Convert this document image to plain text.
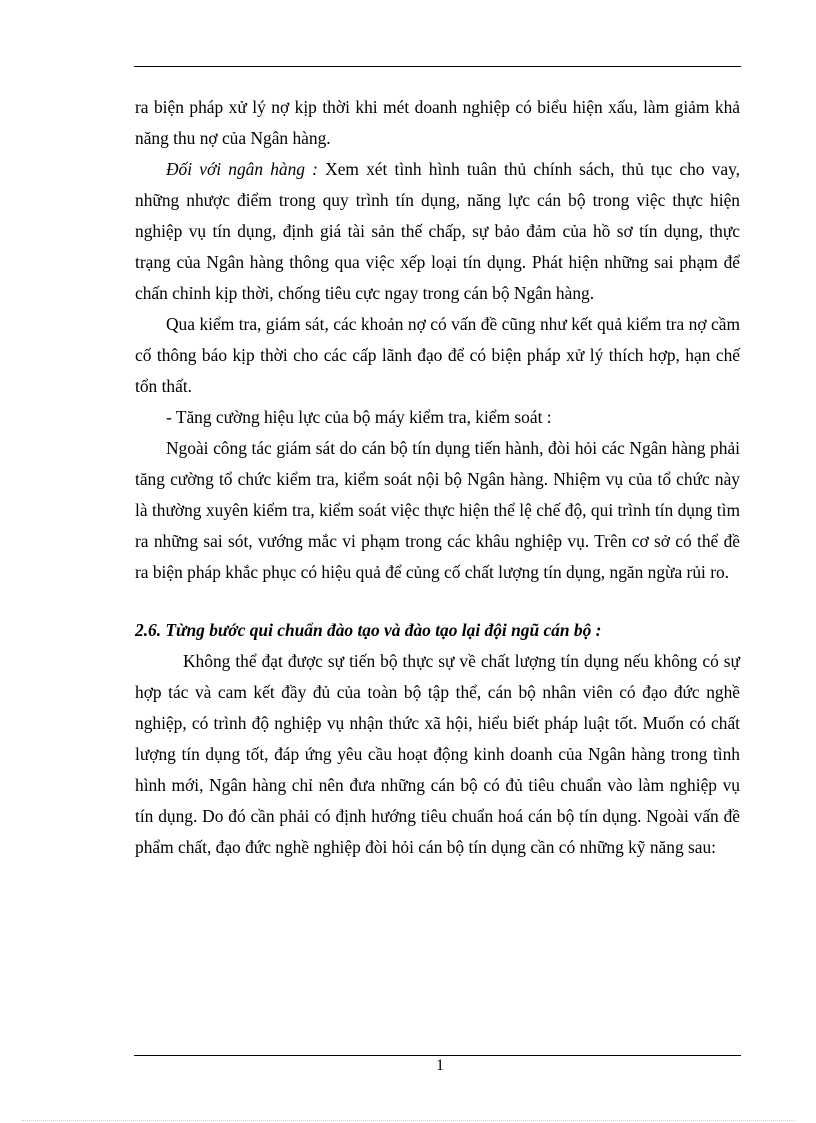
ra biện pháp xử lý nợ kịp thời khi mét doanh nghiệp có biểu hiện xấu, làm giảm khả năng thu nợ của Ngân hàng.

Đối với ngân hàng : Xem xét tình hình tuân thủ chính sách, thủ tục cho vay, những nhược điểm trong quy trình tín dụng, năng lực cán bộ trong việc thực hiện nghiệp vụ tín dụng, định giá tài sản thế chấp, sự bảo đảm của hồ sơ tín dụng, thực trạng của Ngân hàng thông qua việc xếp loại tín dụng. Phát hiện những sai phạm để chấn chỉnh kịp thời, chống tiêu cực ngay trong cán bộ Ngân hàng.

Qua kiểm tra, giám sát, các khoản nợ có vấn đề cũng như kết quả kiểm tra nợ cầm cố thông báo kịp thời cho các cấp lãnh đạo để có biện pháp xử lý thích hợp, hạn chế tổn thất.

- Tăng cường hiệu lực của bộ máy kiểm tra, kiểm soát :

Ngoài công tác giám sát do cán bộ tín dụng tiến hành, đòi hỏi các Ngân hàng phải tăng cường tổ chức kiểm tra, kiểm soát nội bộ Ngân hàng. Nhiệm vụ của tổ chức này là thường xuyên kiểm tra, kiểm soát việc thực hiện thể lệ chế độ, qui trình tín dụng tìm ra những sai sót, vướng mắc vi phạm trong các khâu nghiệp vụ. Trên cơ sở có thể đề ra biện pháp khắc phục có hiệu quả để củng cố chất lượng tín dụng, ngăn ngừa rủi ro.

2.6. Từng bước qui chuẩn đào tạo và đào tạo lại đội ngũ cán bộ :

Không thể đạt được sự tiến bộ thực sự về chất lượng tín dụng nếu không có sự hợp tác và cam kết đầy đủ của toàn bộ tập thể, cán bộ nhân viên có đạo đức nghề nghiệp, có trình độ nghiệp vụ nhận thức xã hội, hiểu biết pháp luật tốt. Muốn có chất lượng tín dụng tốt, đáp ứng yêu cầu hoạt động kinh doanh của Ngân hàng trong tình hình mới, Ngân hàng chỉ nên đưa những cán bộ có đủ tiêu chuẩn vào làm nghiệp vụ tín dụng. Do đó cần phải có định hướng tiêu chuẩn hoá cán bộ tín dụng. Ngoài vấn đề phẩm chất, đạo đức nghề nghiệp đòi hỏi cán bộ tín dụng cần có những kỹ năng sau:

1
